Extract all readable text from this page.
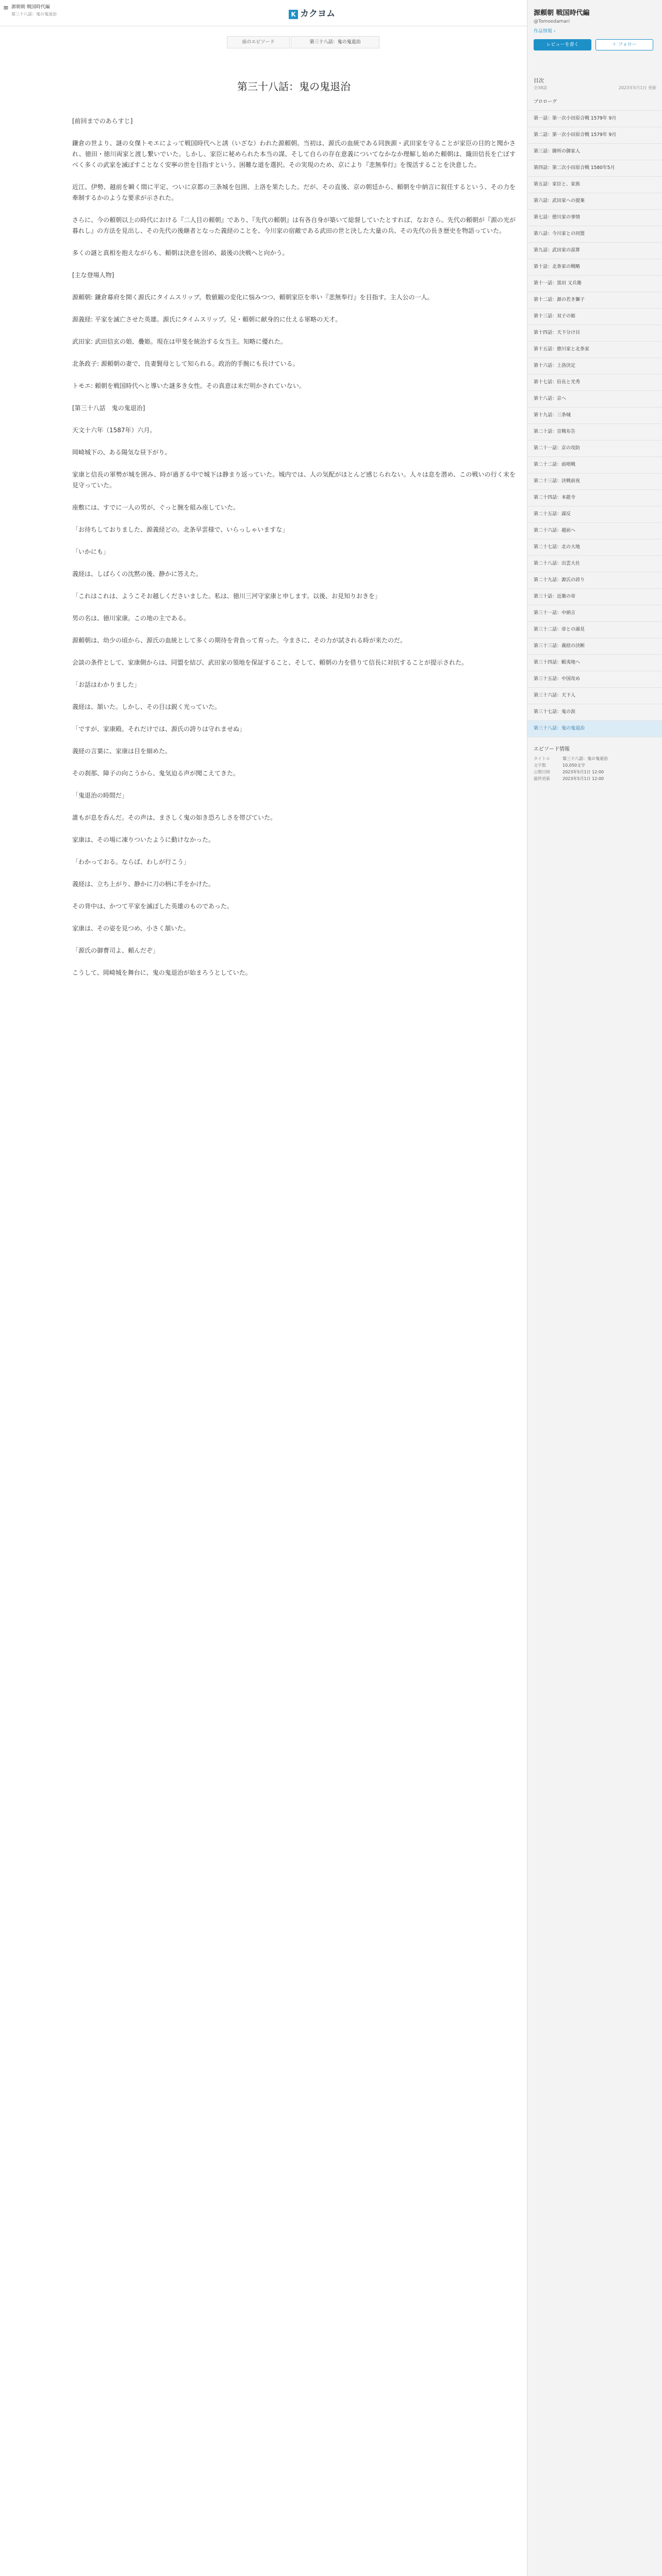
≡ 源朝朝 戦国時代編
第三十八話：鬼の鬼退治	K カクヨム
前のエピソード	第三十八話：鬼の鬼退治
第三十八話：鬼の鬼退治

[前回までのあらすじ]

鎌倉の世より、謎の女傑トモエによって戦国時代へと誘（いざな）われた源頼朝。当初は、源氏の血統である同族源・武田家を守ることが家臣の目的と聞かされ、徳田・徳川両家と渡し繋いでいた。しかし、家臣に秘められた本当の謀、そして自らの存在意義についてなかなか理解し始めた頼朝は、織田信長を亡ぼすべく多くの武家を滅ぼすことなく安寧の世を目指すという、困難な道を選択。その実現のため、京により『悲無奉行』を復活することを決意した。

近江、伊勢、越前を瞬く間に平定、ついに京都の三条城を包囲、上洛を果たした。だが、その直後、京の朝廷から、頼朝を中納言に叙任するという、その力を牽制するかのような要求が示された。

さらに、今の頼朝以上の時代における『二人目の頼朝』であり、『先代の頼朝』は有各自身が築いて総督していたとすれば、なおさら。先代の頼朝が『源の光が暮れし』の方法を見出し、その先代の後継者となった義経のことを、今川家の宿敵である武田の世と決した大量の兵、その先代の長き歴史を物語っていた。

多くの謎と真相を抱えながらも、頼朝は決意を固め、最後の決戦へと向かう。

[主な登場人物]

源頼朝: 鎌倉幕府を開く源氏にタイムスリップ。数値観の変化に悩みつつ、頼朝家臣を率い『悲無奉行』を目指す。主人公の一人。

源義経: 平家を滅亡させた英雄。源氏にタイムスリップ。兄・頼朝に献身的に仕える軍略の天才。

武田家: 武田信玄の娘、疊姫。現在は甲斐を統治する女当主。知略に優れた。

北条政子: 源頼朝の妻で、良妻賢母として知られる。政治的手腕にも長けている。

トモエ: 頼朝を戦国時代へと導いた謎多き女性。その真意は未だ明かされていない。

[第三十八話　鬼の鬼退治]

天文十六年（1587年）六月。

岡崎城下の、ある陽気な昼下がり。

家康と信長の軍勢が城を囲み、時が過ぎる中で城下は静まり返っていた。城内では、人の気配がほとんど感じられない。人々は息を潜め、この戦いの行く末を見守っていた。

座敷には、すでに一人の男が、ぐっと腕を組み座していた。

「お待ちしておりました、源義経どの。北条早雲様で、いらっしゃいますな」

「いかにも」

義経は、しばらくの沈黙の後、静かに答えた。

「これはこれは、ようこそお越しくださいました。私は、徳川三河守家康と申します。以後、お見知りおきを」

男の名は、徳川家康。この地の主である。

源頼朝は、幼少の頃から、源氏の血統として多くの期待を背負って育った。今まさに、その力が試される時が来たのだ。

会談の条件として、家康側からは、同盟を結び、武田家の領地を保証すること、そして、頼朝の力を借りて信長に対抗することが提示された。

「お話はわかりました」

義経は、頷いた。しかし、その目は鋭く光っていた。

「ですが、家康殿。それだけでは、源氏の誇りは守れませぬ」

義経の言葉に、家康は目を細めた。

その刹那、障子の向こうから、鬼気迫る声が聞こえてきた。

「鬼退治の時間だ」

誰もが息を呑んだ。その声は、まさしく鬼の如き恐ろしさを帯びていた。

家康は、その場に凍りついたように動けなかった。

「わかっておる。ならば、わしが行こう」

義経は、立ち上がり、静かに刀の柄に手をかけた。

その背中は、かつて平家を滅ぼした英雄のものであった。

家康は、その姿を見つめ、小さく頷いた。

「源氏の御曹司よ、頼んだぞ」

こうして、岡崎城を舞台に、鬼の鬼退治が始まろうとしていた。

源頼朝 戦国時代編
@Tomoedamari
作品情報 ›
レビューを書く	＋ フォロー
目次
全38話	2023年5月1日 更新
プロローグ
第一話：第一次小田原合戦 1579年 9月
第二話：第一次小田原合戦 1579年 9月
第三話：御所の御家人
第四話：第二次小田原合戦 1580年5月
第五話：家臣と、家族
第六話：武田家への提案
第七話：徳川家の事情
第八話：今川家との同盟
第九話：武田家の誤算
第十話：北条家の戦略
第十一話：黒田 又兵衛
第十二話：源の若き獅子
第十三話：双子の姫
第十四話：天下分け目
第十五話：徳川家と北条家
第十六話：上洛決定
第十七話：信長と光秀
第十八話：京へ
第十九話：三条城
第二十話：宣戦布告
第二十一話：京の攻防
第二十二話：前哨戦
第二十三話：決戦前夜
第二十四話：本能寺
第二十五話：謀反
第二十六話：越前へ
第二十七話：北の大地
第二十八話：出雲大社
第二十九話：源氏の誇り
第三十話：近衛の帝
第三十一話：中納言
第三十二話：帝との謁見
第三十三話：義経の決断
第三十四話：蝦夷地へ
第三十五話：中国攻め
第三十六話：天下人
第三十七話：鬼の涙
第三十八話：鬼の鬼退治
エピソード情報
タイトル	第三十八話：鬼の鬼退治
文字数	10,050文字
公開日時	2023年5月1日 12:00
最終更新	2023年5月1日 12:00
